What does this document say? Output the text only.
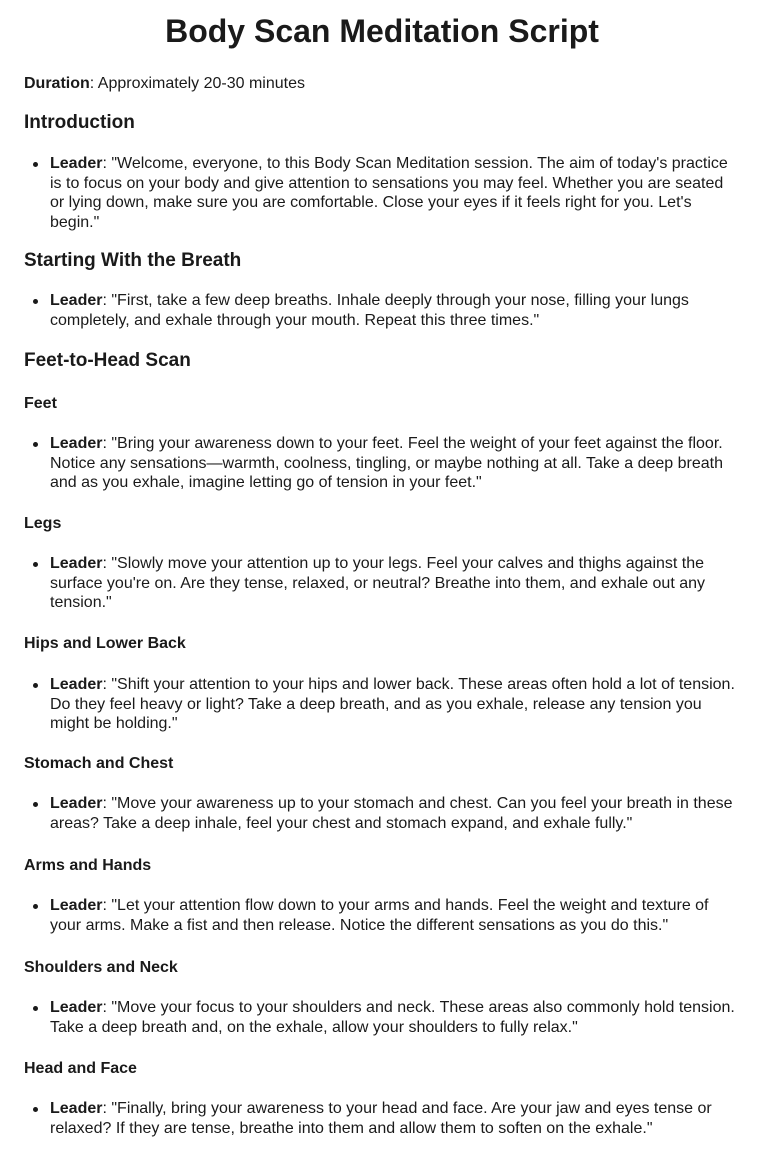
Body Scan Meditation Script

Duration: Approximately 20-30 minutes

Introduction
Leader: "Welcome, everyone, to this Body Scan Meditation session. The aim of today's practice is to focus on your body and give attention to sensations you may feel. Whether you are seated or lying down, make sure you are comfortable. Close your eyes if it feels right for you. Let's begin."
Starting With the Breath
Leader: "First, take a few deep breaths. Inhale deeply through your nose, filling your lungs completely, and exhale through your mouth. Repeat this three times."
Feet-to-Head Scan
Feet
Leader: "Bring your awareness down to your feet. Feel the weight of your feet against the floor. Notice any sensations—warmth, coolness, tingling, or maybe nothing at all. Take a deep breath and as you exhale, imagine letting go of tension in your feet."
Legs
Leader: "Slowly move your attention up to your legs. Feel your calves and thighs against the surface you're on. Are they tense, relaxed, or neutral? Breathe into them, and exhale out any tension."
Hips and Lower Back
Leader: "Shift your attention to your hips and lower back. These areas often hold a lot of tension. Do they feel heavy or light? Take a deep breath, and as you exhale, release any tension you might be holding."
Stomach and Chest
Leader: "Move your awareness up to your stomach and chest. Can you feel your breath in these areas? Take a deep inhale, feel your chest and stomach expand, and exhale fully."
Arms and Hands
Leader: "Let your attention flow down to your arms and hands. Feel the weight and texture of your arms. Make a fist and then release. Notice the different sensations as you do this."
Shoulders and Neck
Leader: "Move your focus to your shoulders and neck. These areas also commonly hold tension. Take a deep breath and, on the exhale, allow your shoulders to fully relax."
Head and Face
Leader: "Finally, bring your awareness to your head and face. Are your jaw and eyes tense or relaxed? If they are tense, breathe into them and allow them to soften on the exhale."
